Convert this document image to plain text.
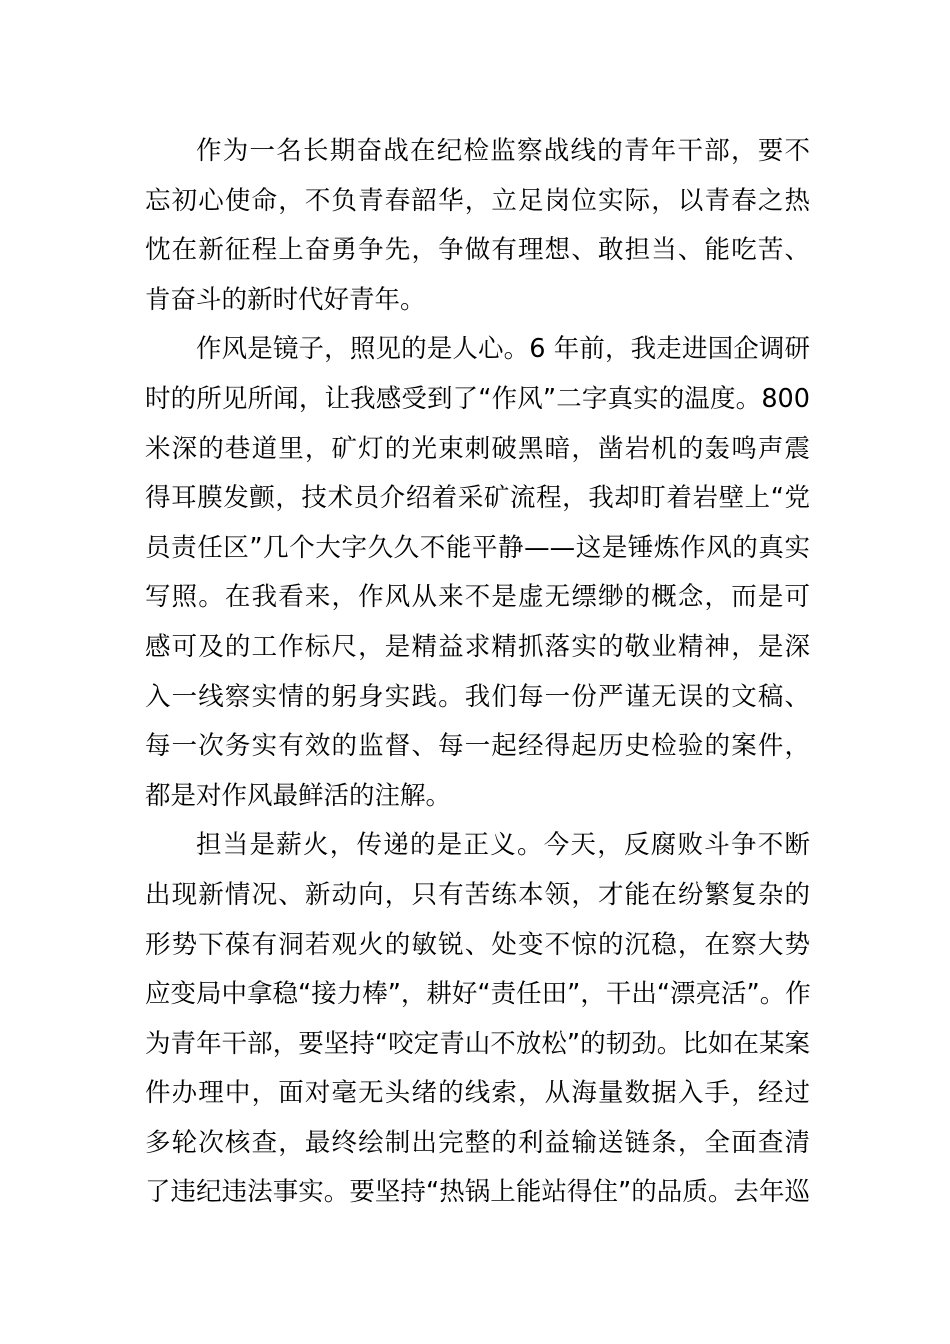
作为一名长期奋战在纪检监察战线的青年干部，要不
忘初心使命，不负青春韶华，立足岗位实际，以青春之热
忱在新征程上奋勇争先，争做有理想、敢担当、能吃苦、
肯奋斗的新时代好青年。

作风是镜子，照见的是人心。6 年前，我走进国企调研
时的所见所闻，让我感受到了“作风”二字真实的温度。800
米深的巷道里，矿灯的光束刺破黑暗，凿岩机的轰鸣声震
得耳膜发颤，技术员介绍着采矿流程，我却盯着岩壁上“党
员责任区”几个大字久久不能平静——这是锤炼作风的真实
写照。在我看来，作风从来不是虚无缥缈的概念，而是可
感可及的工作标尺，是精益求精抓落实的敬业精神，是深
入一线察实情的躬身实践。我们每一份严谨无误的文稿、
每一次务实有效的监督、每一起经得起历史检验的案件，
都是对作风最鲜活的注解。

担当是薪火，传递的是正义。今天，反腐败斗争不断
出现新情况、新动向，只有苦练本领，才能在纷繁复杂的
形势下葆有洞若观火的敏锐、处变不惊的沉稳，在察大势
应变局中拿稳“接力棒”，耕好“责任田”，干出“漂亮活”。作
为青年干部，要坚持“咬定青山不放松”的韧劲。比如在某案
件办理中，面对毫无头绪的线索，从海量数据入手，经过
多轮次核查，最终绘制出完整的利益输送链条，全面查清
了违纪违法事实。要坚持“热锅上能站得住”的品质。去年巡
